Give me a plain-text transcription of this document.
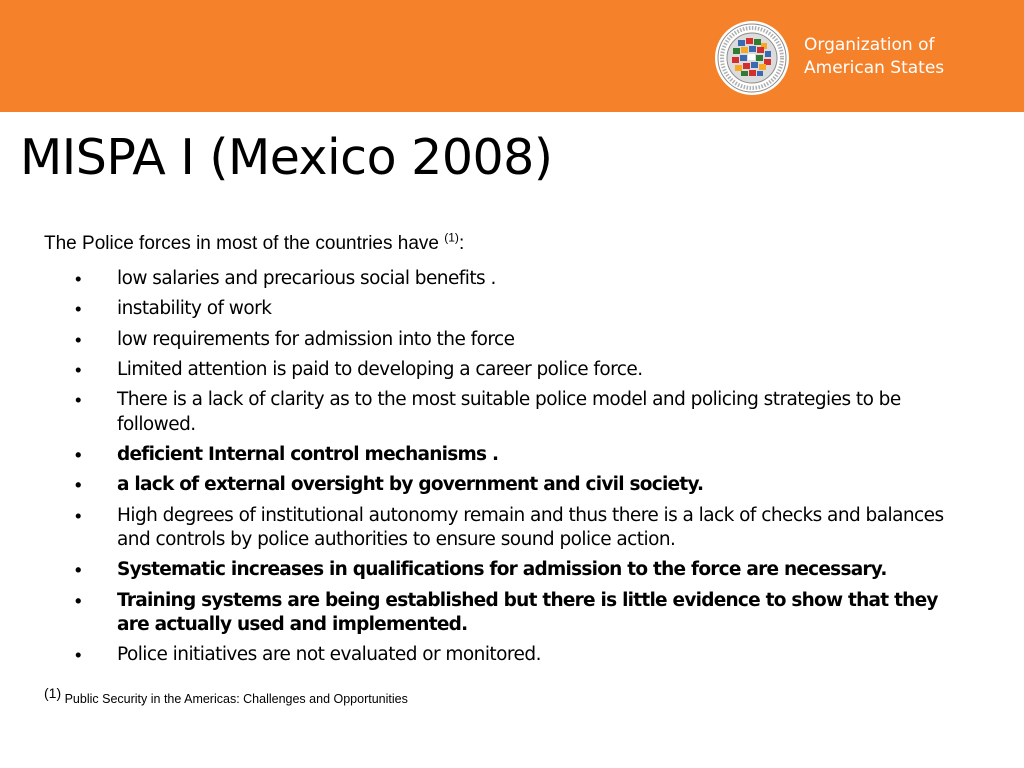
Organization of
American States
MISPA I (Mexico 2008)
The Police forces in most of the countries have $^{(1)}$:
• low salaries and precarious social benefits .
• instability of work
• low requirements for admission into the force
• Limited attention is paid to developing a career police force.
• There is a lack of clarity as to the most suitable police model and policing strategies to be followed.
• deficient Internal control mechanisms .
• a lack of external oversight by government and civil society.
• High degrees of institutional autonomy remain and thus there is a lack of checks and balances and controls by police authorities to ensure sound police action.
• Systematic increases in qualifications for admission to the force are necessary.
• Training systems are being established but there is little evidence to show that they are actually used and implemented.
• Police initiatives are not evaluated or monitored.
$^{(1)}$ Public Security in the Americas: Challenges and Opportunities
